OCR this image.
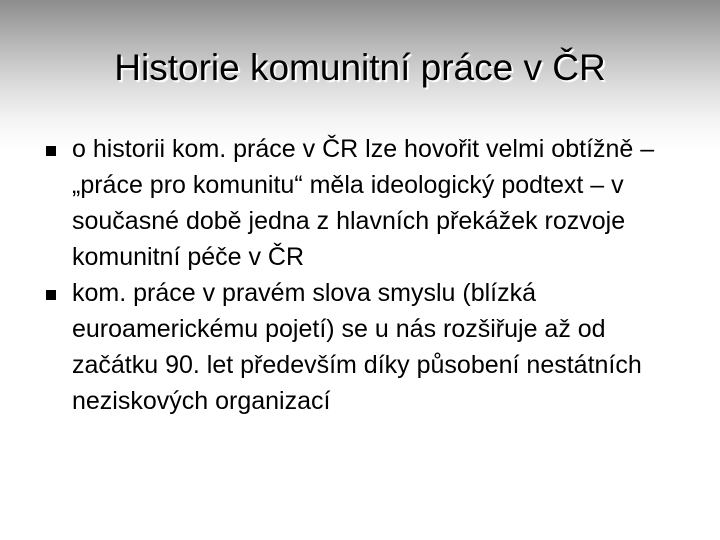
Historie komunitní práce v ČR
o historii kom. práce v ČR lze hovořit velmi obtížně – „práce pro komunitu“ měla ideologický podtext – v současné době jedna z hlavních překážek rozvoje komunitní péče v ČR
kom. práce v pravém slova smyslu (blízká euroamerickému pojetí) se u nás rozšiřuje až od začátku 90. let především díky působení nestátních neziskových organizací
